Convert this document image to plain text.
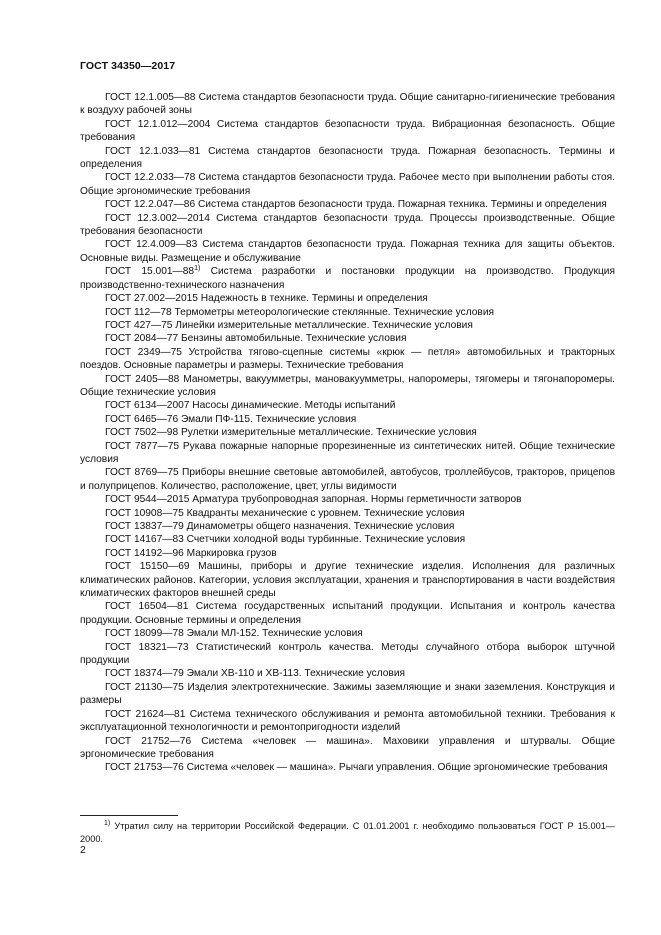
ГОСТ 34350—2017

ГОСТ 12.1.005—88 Система стандартов безопасности труда. Общие санитарно-гигиенические требования к воздуху рабочей зоны

ГОСТ 12.1.012—2004 Система стандартов безопасности труда. Вибрационная безопасность. Общие требования

ГОСТ 12.1.033—81 Система стандартов безопасности труда. Пожарная безопасность. Термины и определения

ГОСТ 12.2.033—78 Система стандартов безопасности труда. Рабочее место при выполнении работы стоя. Общие эргономические требования

ГОСТ 12.2.047—86 Система стандартов безопасности труда. Пожарная техника. Термины и определения

ГОСТ 12.3.002—2014 Система стандартов безопасности труда. Процессы производственные. Общие требования безопасности

ГОСТ 12.4.009—83 Система стандартов безопасности труда. Пожарная техника для защиты объектов. Основные виды. Размещение и обслуживание

ГОСТ 15.001—88$^{1)}$ Система разработки и постановки продукции на производство. Продукция производственно-технического назначения

ГОСТ 27.002—2015 Надежность в технике. Термины и определения

ГОСТ 112—78 Термометры метеорологические стеклянные. Технические условия

ГОСТ 427—75 Линейки измерительные металлические. Технические условия

ГОСТ 2084—77 Бензины автомобильные. Технические условия

ГОСТ 2349—75 Устройства тягово-сцепные системы «крюк — петля» автомобильных и тракторных поездов. Основные параметры и размеры. Технические требования

ГОСТ 2405—88 Манометры, вакуумметры, мановакуумметры, напоромеры, тягомеры и тягонапоромеры. Общие технические условия

ГОСТ 6134—2007 Насосы динамические. Методы испытаний

ГОСТ 6465—76 Эмали ПФ-115. Технические условия

ГОСТ 7502—98 Рулетки измерительные металлические. Технические условия

ГОСТ 7877—75 Рукава пожарные напорные прорезиненные из синтетических нитей. Общие технические условия

ГОСТ 8769—75 Приборы внешние световые автомобилей, автобусов, троллейбусов, тракторов, прицепов и полуприцепов. Количество, расположение, цвет, углы видимости

ГОСТ 9544—2015 Арматура трубопроводная запорная. Нормы герметичности затворов

ГОСТ 10908—75 Квадранты механические с уровнем. Технические условия

ГОСТ 13837—79 Динамометры общего назначения. Технические условия

ГОСТ 14167—83 Счетчики холодной воды турбинные. Технические условия

ГОСТ 14192—96 Маркировка грузов

ГОСТ 15150—69 Машины, приборы и другие технические изделия. Исполнения для различных климатических районов. Категории, условия эксплуатации, хранения и транспортирования в части воздействия климатических факторов внешней среды

ГОСТ 16504—81 Система государственных испытаний продукции. Испытания и контроль качества продукции. Основные термины и определения

ГОСТ 18099—78 Эмали МЛ-152. Технические условия

ГОСТ 18321—73 Статистический контроль качества. Методы случайного отбора выборок штучной продукции

ГОСТ 18374—79 Эмали ХВ-110 и ХВ-113. Технические условия

ГОСТ 21130—75 Изделия электротехнические. Зажимы заземляющие и знаки заземления. Конструкция и размеры

ГОСТ 21624—81 Система технического обслуживания и ремонта автомобильной техники. Требования к эксплуатационной технологичности и ремонтопригодности изделий

ГОСТ 21752—76 Система «человек — машина». Маховики управления и штурвалы. Общие эргономические требования

ГОСТ 21753—76 Система «человек — машина». Рычаги управления. Общие эргономические требования

$^{1)}$ Утратил силу на территории Российской Федерации. С 01.01.2001 г. необходимо пользоваться ГОСТ Р 15.001—2000.
2
